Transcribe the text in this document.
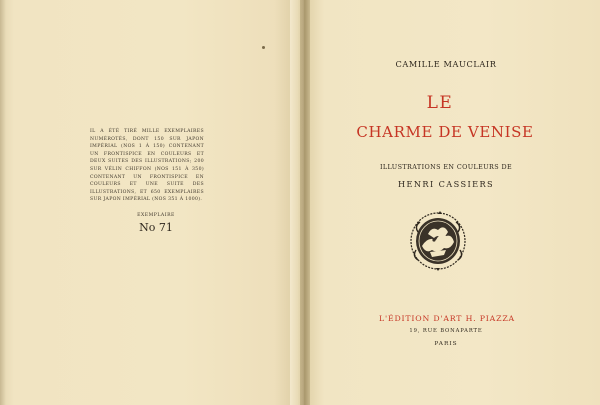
IL A ÉTÉ TIRÉ MILLE EXEMPLAIRES NUMÉROTÉS, DONT 150 SUR JAPON IMPÉRIAL (NOS 1 À 150) CONTENANT UN FRONTISPICE EN COULEURS ET DEUX SUITES DES ILLUSTRATIONS; 200 SUR VÉLIN CHIFFON (NOS 151 À 350) CONTENANT UN FRONTISPICE EN COULEURS ET UNE SUITE DES ILLUSTRATIONS, ET 650 EXEMPLAIRES SUR JAPON IMPÉRIAL (NOS 351 À 1000).
EXEMPLAIRE
No 71
CAMILLE MAUCLAIR
LE
CHARME DE VENISE
ILLUSTRATIONS EN COULEURS DE
HENRI CASSIERS
L'ÉDITION D'ART H. PIAZZA
19, RUE BONAPARTE
PARIS
